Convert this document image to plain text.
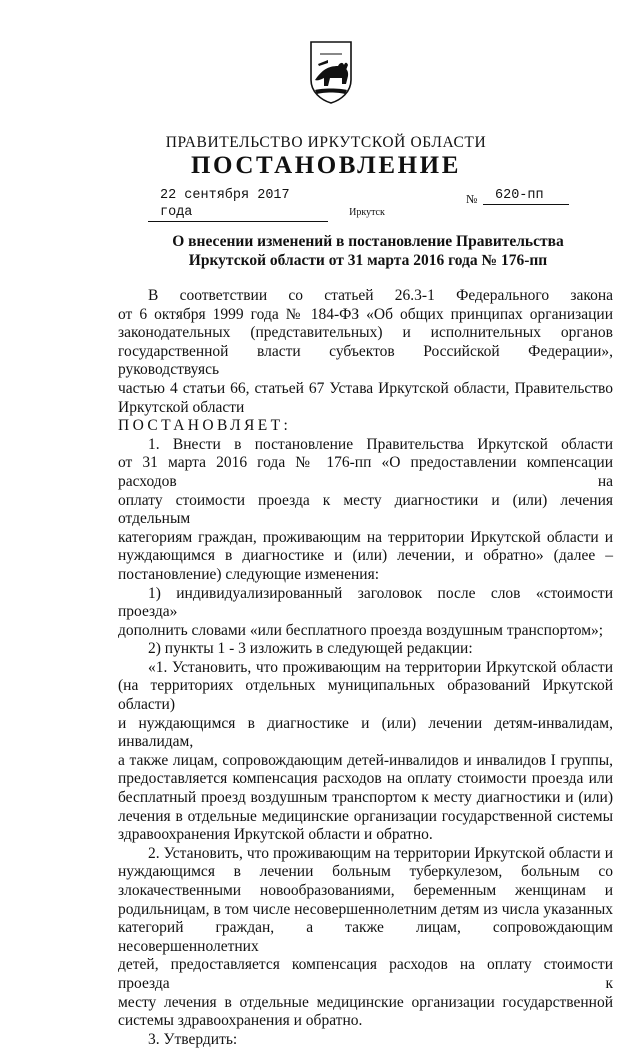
ПРАВИТЕЛЬСТВО ИРКУТСКОЙ ОБЛАСТИ
ПОСТАНОВЛЕНИЕ
22 сентября 2017 года
№	620-пп
Иркутск
О внесении изменений в постановление Правительства
Иркутской области от 31 марта 2016 года № 176-пп

В соответствии со статьей 26.3-1 Федерального закона

от 6 октября 1999 года № 184-ФЗ «Об общих принципах организации

законодательных (представительных) и исполнительных органов

государственной власти субъектов Российской Федерации», руководствуясь

частью 4 статьи 66, статьей 67 Устава Иркутской области, Правительство

Иркутской области

ПОСТАНОВЛЯЕТ:

1. Внести в постановление Правительства Иркутской области

от 31 марта 2016 года № 176-пп «О предоставлении компенсации расходов на

оплату стоимости проезда к месту диагностики и (или) лечения отдельным

категориям граждан, проживающим на территории Иркутской области и

нуждающимся в диагностике и (или) лечении, и обратно» (далее –

постановление) следующие изменения:

1) индивидуализированный заголовок после слов «стоимости проезда»

дополнить словами «или бесплатного проезда воздушным транспортом»;

2) пункты 1 - 3 изложить в следующей редакции:

«1. Установить, что проживающим на территории Иркутской области

(на территориях отдельных муниципальных образований Иркутской области)

и нуждающимся в диагностике и (или) лечении детям-инвалидам, инвалидам,

а также лицам, сопровождающим детей-инвалидов и инвалидов I группы,

предоставляется компенсация расходов на оплату стоимости проезда или

бесплатный проезд воздушным транспортом к месту диагностики и (или)

лечения в отдельные медицинские организации государственной системы

здравоохранения Иркутской области и обратно.

2. Установить, что проживающим на территории Иркутской области и

нуждающимся в лечении больным туберкулезом, больным со

злокачественными новообразованиями, беременным женщинам и

родильницам, в том числе несовершеннолетним детям из числа указанных

категорий граждан, а также лицам, сопровождающим несовершеннолетних

детей, предоставляется компенсация расходов на оплату стоимости проезда к

месту лечения в отдельные медицинские организации государственной

системы здравоохранения и обратно.

3. Утвердить:
